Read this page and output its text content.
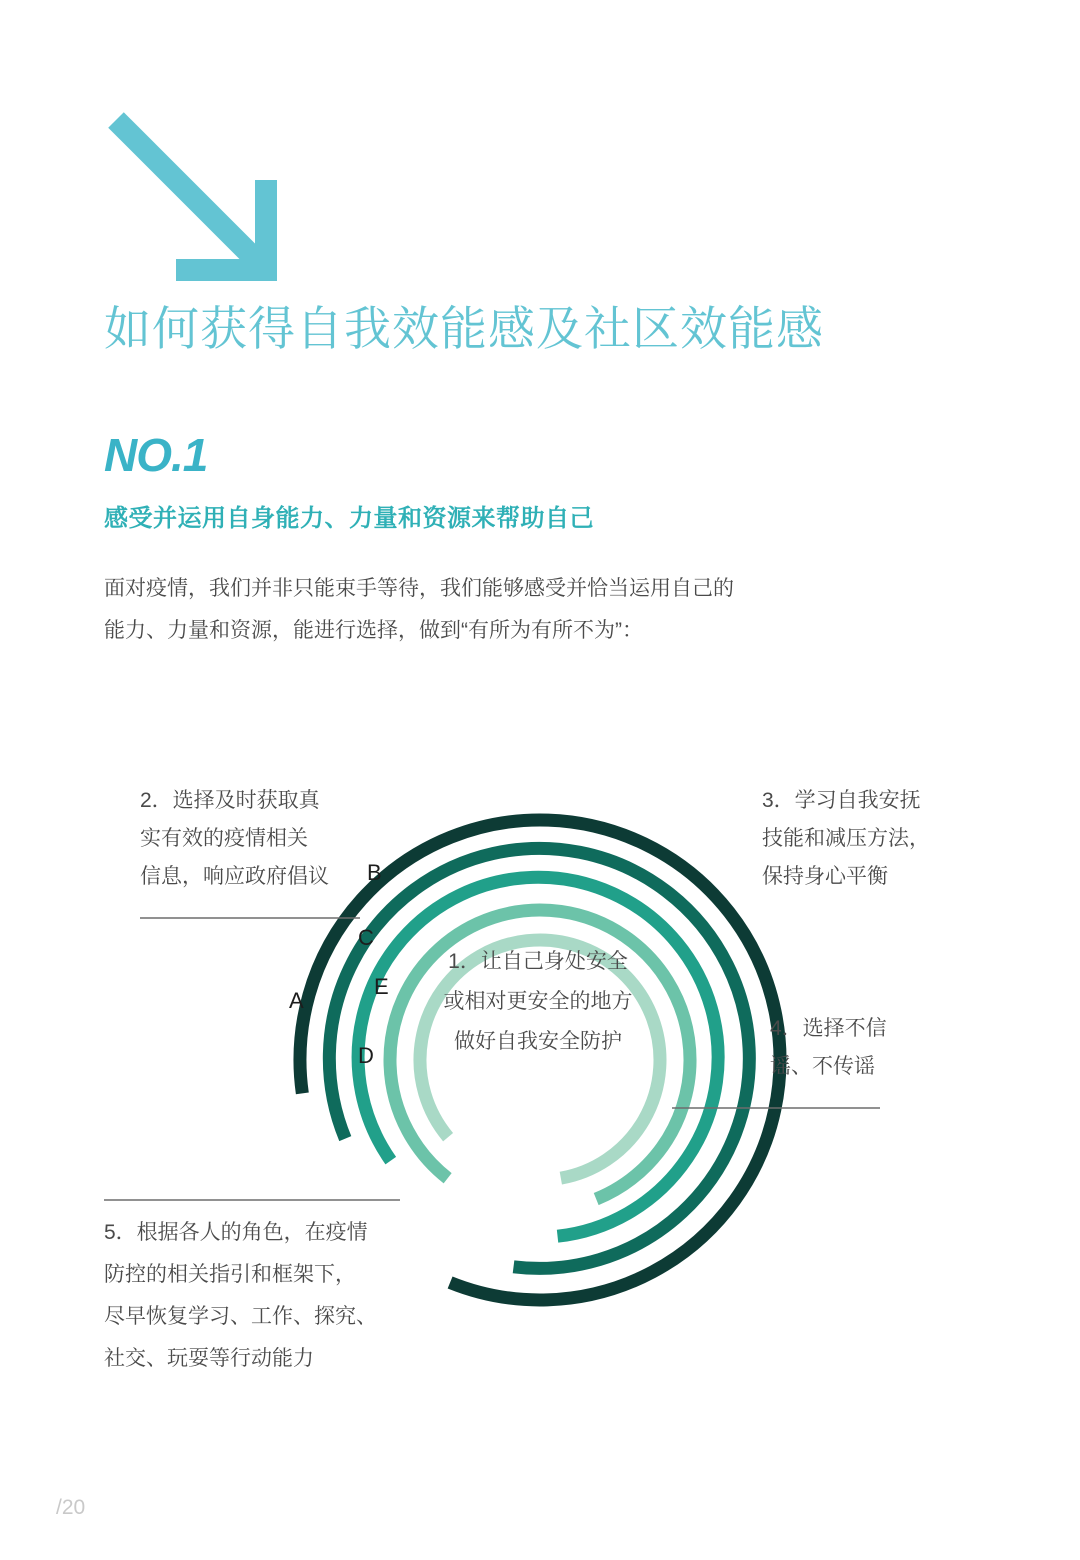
如何获得自我效能感及社区效能感
NO.1
感受并运用自身能力、力量和资源来帮助自己
面对疫情，我们并非只能束手等待，我们能够感受并恰当运用自己的
能力、力量和资源，能进行选择，做到“有所为有所不为”：
A
B
C
D
E
1．让自己身处安全
或相对更安全的地方
做好自我安全防护
2．选择及时获取真
实有效的疫情相关
信息，响应政府倡议
3．学习自我安抚
技能和减压方法，
保持身心平衡
4．选择不信
谣、不传谣
5．根据各人的角色，在疫情
防控的相关指引和框架下，
尽早恢复学习、工作、探究、
社交、玩耍等行动能力
/20
